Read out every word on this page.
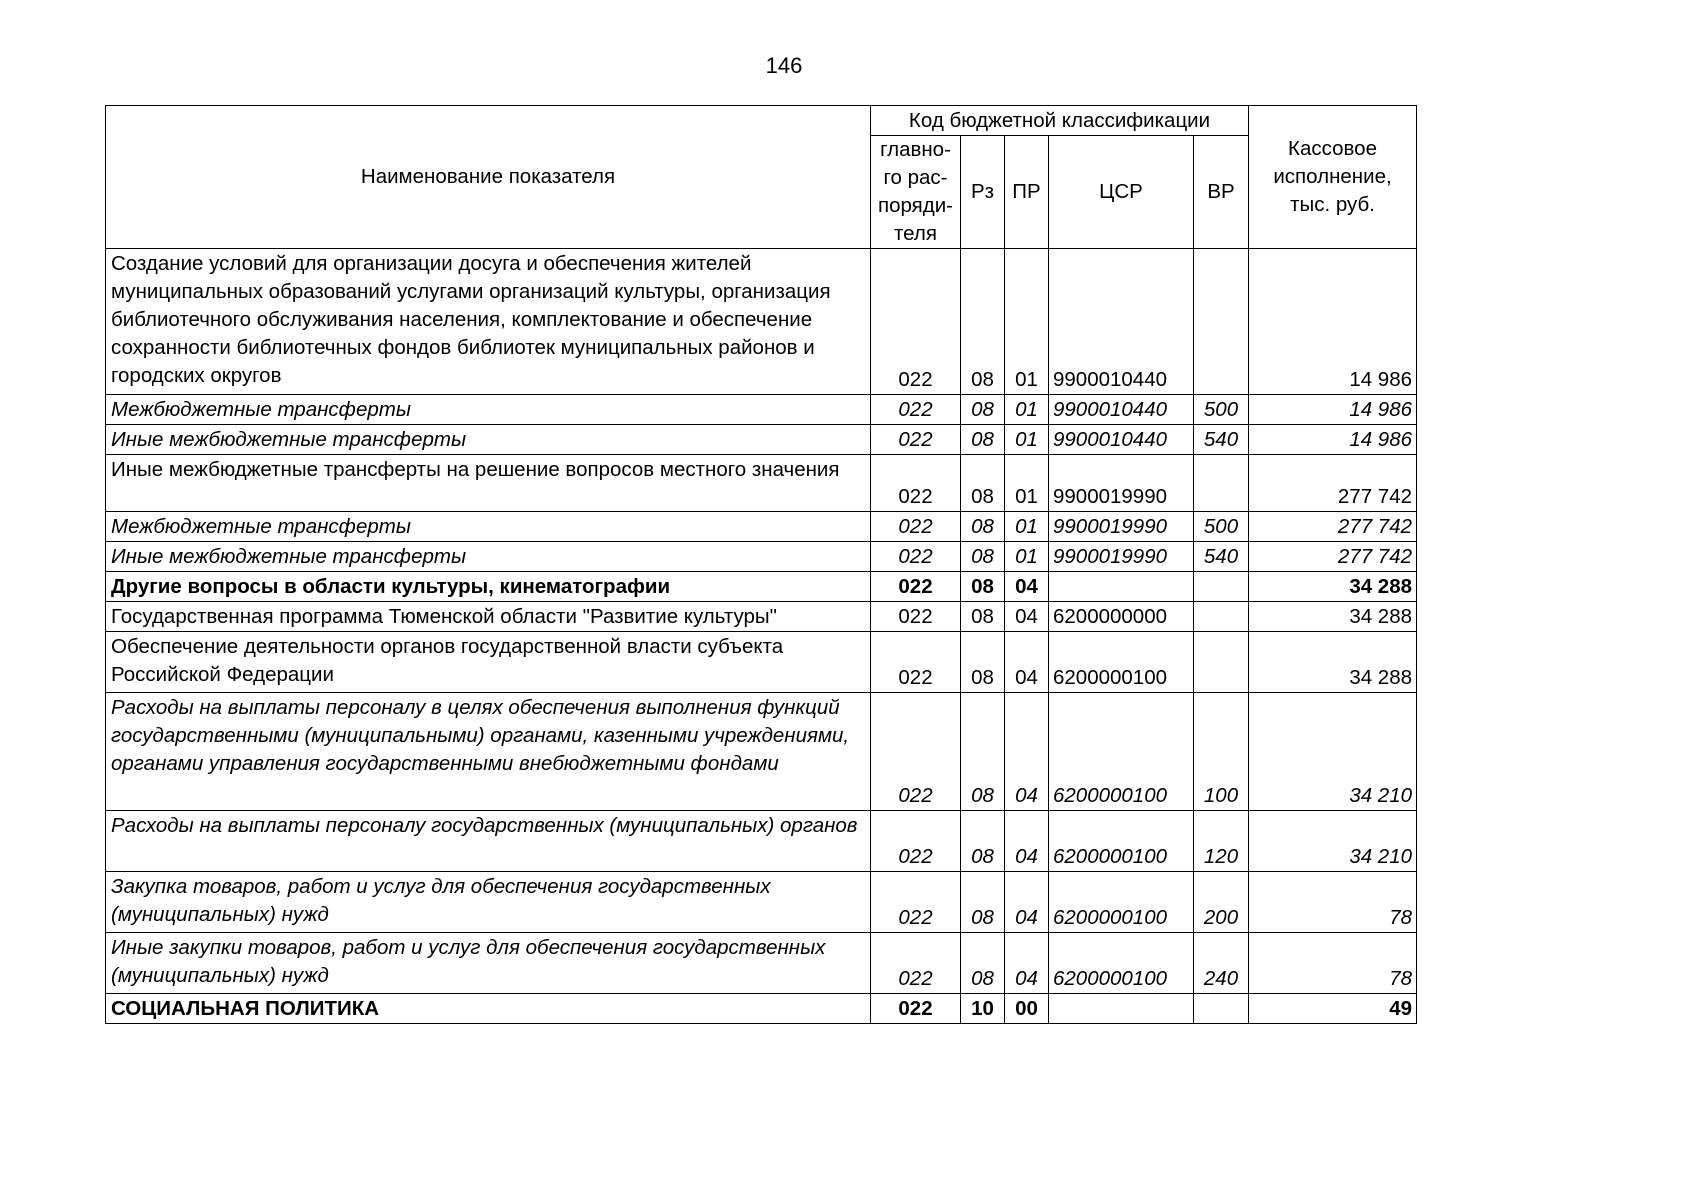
146
Наименование показателя	Код бюджетной классификации					Кассовое
исполнение,
тыс. руб.

	главно-
го рас-
поряди-
теля	Рз	ПР	ЦСР	ВР	
Создание условий для организации досуга и обеспечения жителей муниципальных образований услугами организаций культуры, организация библиотечного обслуживания населения, комплектование и обеспечение сохранности библиотечных фондов библиотек муниципальных районов и городских округов	022	08	01	9900010440		14 986
Межбюджетные трансферты	022	08	01	9900010440	500	14 986
Иные межбюджетные трансферты	022	08	01	9900010440	540	14 986
Иные межбюджетные трансферты на решение вопросов местного значения	022	08	01	9900019990		277 742
Межбюджетные трансферты	022	08	01	9900019990	500	277 742
Иные межбюджетные трансферты	022	08	01	9900019990	540	277 742
Другие вопросы в области культуры, кинематографии	022	08	04			34 288
Государственная программа Тюменской области "Развитие культуры"	022	08	04	6200000000		34 288
Обеспечение деятельности органов государственной власти субъекта Российской Федерации	022	08	04	6200000100		34 288
Расходы на выплаты персоналу в целях обеспечения выполнения функций государственными (муниципальными) органами, казенными учреждениями, органами управления государственными внебюджетными фондами	022	08	04	6200000100	100	34 210
Расходы на выплаты персоналу государственных (муниципальных) органов	022	08	04	6200000100	120	34 210
Закупка товаров, работ и услуг для обеспечения государственных (муниципальных) нужд	022	08	04	6200000100	200	78
Иные закупки товаров, работ и услуг для обеспечения государственных (муниципальных) нужд	022	08	04	6200000100	240	78
СОЦИАЛЬНАЯ ПОЛИТИКА	022	10	00			49
